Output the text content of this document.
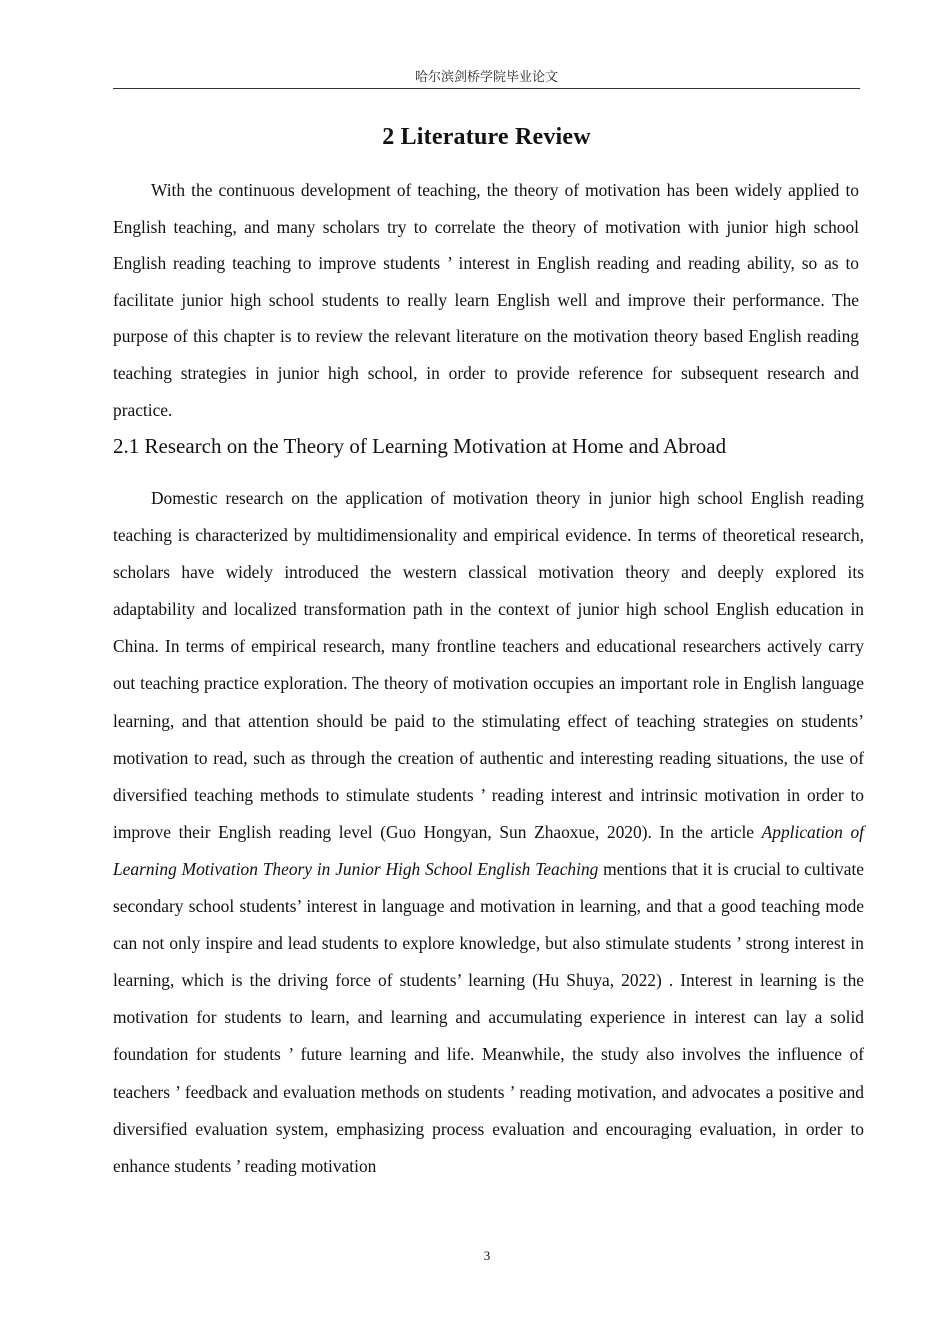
哈尔滨剑桥学院毕业论文
2 Literature Review

With the continuous development of teaching, the theory of motivation has been widely applied to English teaching, and many scholars try to correlate the theory of motivation with junior high school English reading teaching to improve students ’ interest in English reading and reading ability, so as to facilitate junior high school students to really learn English well and improve their performance. The purpose of this chapter is to review the relevant literature on the motivation theory based English reading teaching strategies in junior high school, in order to provide reference for subsequent research and practice.

2.1 Research on the Theory of Learning Motivation at Home and Abroad

Domestic research on the application of motivation theory in junior high school English reading teaching is characterized by multidimensionality and empirical evidence. In terms of theoretical research, scholars have widely introduced the western classical motivation theory and deeply explored its adaptability and localized transformation path in the context of junior high school English education in China. In terms of empirical research, many frontline teachers and educational researchers actively carry out teaching practice exploration. The theory of motivation occupies an important role in English language learning, and that attention should be paid to the stimulating effect of teaching strategies on students’ motivation to read, such as through the creation of authentic and interesting reading situations, the use of diversified teaching methods to stimulate students ’ reading interest and intrinsic motivation in order to improve their English reading level (Guo Hongyan, Sun Zhaoxue, 2020). In the article Application of Learning Motivation Theory in Junior High School English Teaching mentions that it is crucial to cultivate secondary school students’ interest in language and motivation in learning, and that a good teaching mode can not only inspire and lead students to explore knowledge, but also stimulate students ’ strong interest in learning, which is the driving force of students’ learning (Hu Shuya, 2022) . Interest in learning is the motivation for students to learn, and learning and accumulating experience in interest can lay a solid foundation for students ’ future learning and life. Meanwhile, the study also involves the influence of teachers ’ feedback and evaluation methods on students ’ reading motivation, and advocates a positive and diversified evaluation system, emphasizing process evaluation and encouraging evaluation, in order to enhance students ’ reading motivation

3
